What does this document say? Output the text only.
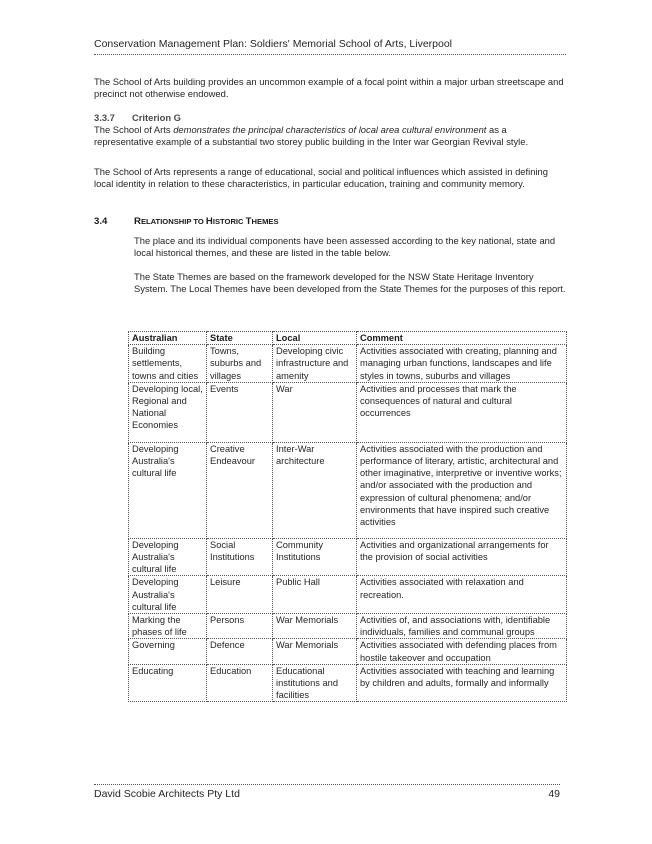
Conservation Management Plan: Soldiers' Memorial School of Arts, Liverpool

The School of Arts building provides an uncommon example of a focal point within a major urban streetscape and precinct not otherwise endowed.

3.3.7 Criterion G

The School of Arts demonstrates the principal characteristics of local area cultural environment as a representative example of a substantial two storey public building in the Inter war Georgian Revival style.

The School of Arts represents a range of educational, social and political influences which assisted in defining local identity in relation to these characteristics, in particular education, training and community memory.

3.4	RELATIONSHIP TO HISTORIC THEMES

The place and its individual components have been assessed according to the key national, state and local historical themes, and these are listed in the table below.

The State Themes are based on the framework developed for the NSW State Heritage Inventory System. The Local Themes have been developed from the State Themes for the purposes of this report.

Australian	State	Local	Comment
Building settlements, towns and cities	Towns, suburbs and villages	Developing civic infrastructure and amenity	Activities associated with creating, planning and managing urban functions, landscapes and life styles in towns, suburbs and villages
Developing local, Regional and National Economies	Events	War	Activities and processes that mark the consequences of natural and cultural occurrences
Developing Australia's cultural life	Creative Endeavour	Inter-War architecture	Activities associated with the production and performance of literary, artistic, architectural and other imaginative, interpretive or inventive works; and/or associated with the production and expression of cultural phenomena; and/or environments that have inspired such creative activities
Developing Australia's cultural life	Social Institutions	Community Institutions	Activities and organizational arrangements for the provision of social activities
Developing Australia's cultural life	Leisure	Public Hall	Activities associated with relaxation and recreation.
Marking the phases of life	Persons	War Memorials	Activities of, and associations with, identifiable individuals, families and communal groups
Governing	Defence	War Memorials	Activities associated with defending places from hostile takeover and occupation
Educating	Education	Educational institutions and facilities	Activities associated with teaching and learning by children and adults, formally and informally
David Scobie Architects Pty Ltd	49
